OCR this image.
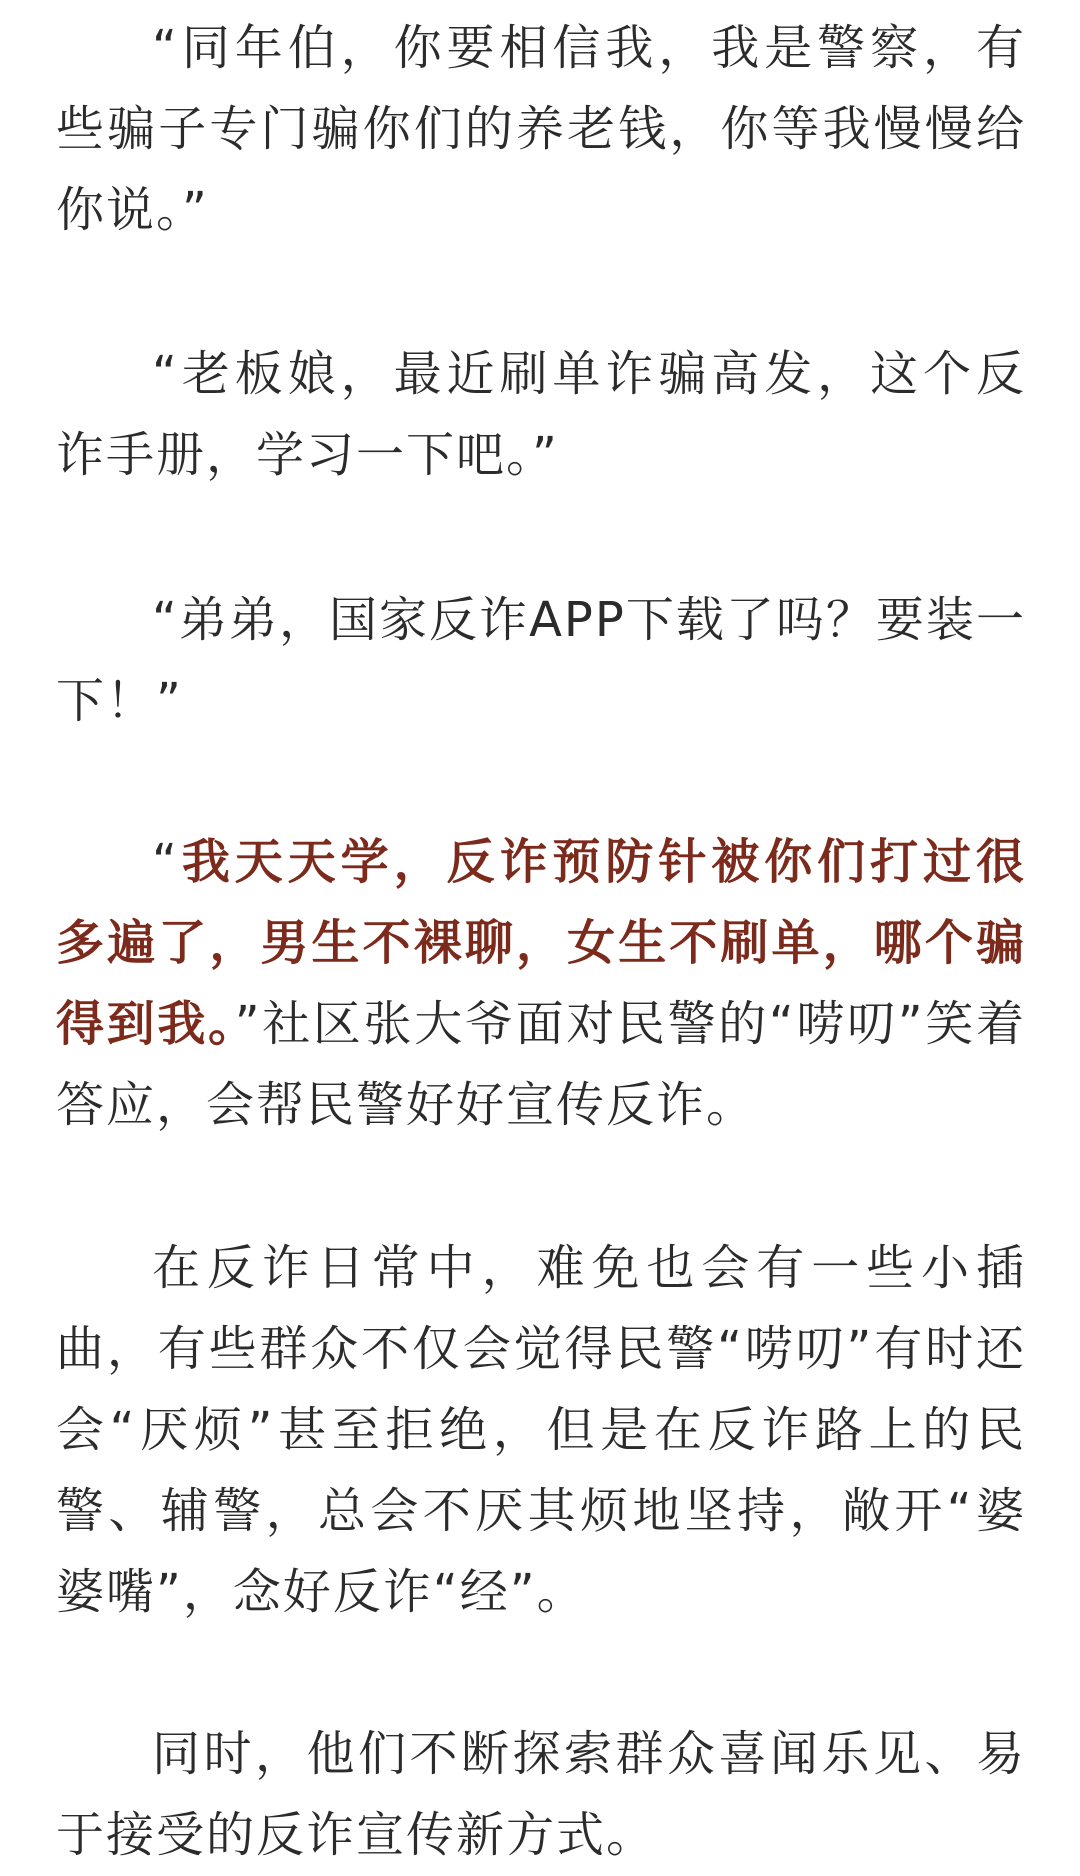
“同年伯，你要相信我，我是警察，有些骗子专门骗你们的养老钱，你等我慢慢给你说。”

“老板娘，最近刷单诈骗高发，这个反诈手册，学习一下吧。”

“弟弟，国家反诈APP下载了吗？要装一下！”

“我天天学，反诈预防针被你们打过很多遍了，男生不裸聊，女生不刷单，哪个骗得到我。”社区张大爷面对民警的“唠叨”笑着答应，会帮民警好好宣传反诈。

在反诈日常中，难免也会有一些小插曲，有些群众不仅会觉得民警“唠叨”有时还会“厌烦”甚至拒绝，但是在反诈路上的民警、辅警，总会不厌其烦地坚持，敞开“婆婆嘴”，念好反诈“经”。

同时，他们不断探索群众喜闻乐见、易于接受的反诈宣传新方式。
